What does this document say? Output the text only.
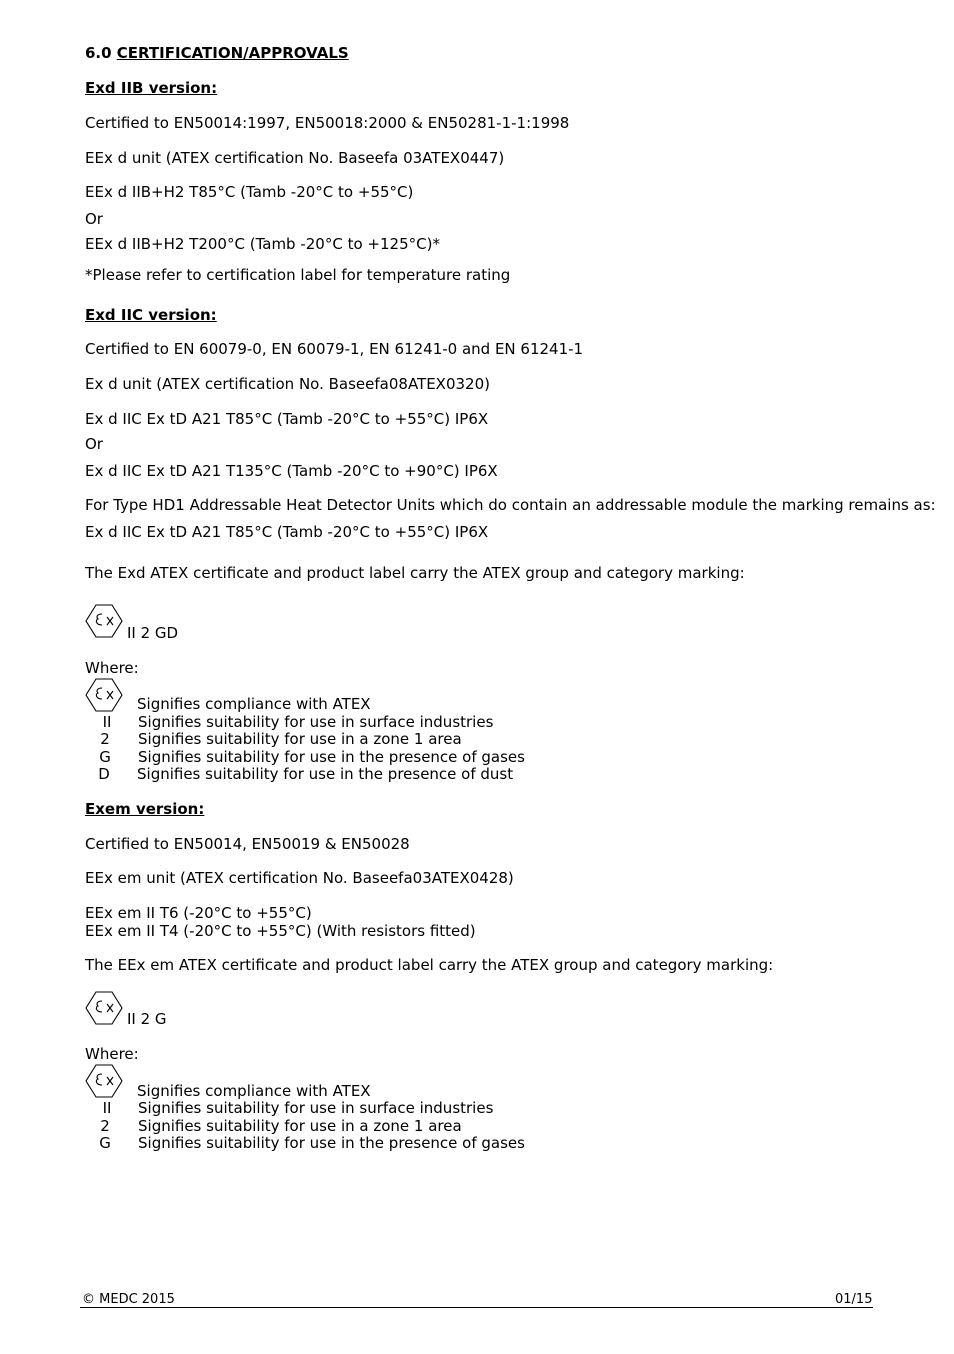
6.0 CERTIFICATION/APPROVALS
Exd IIB version:
Certified to EN50014:1997, EN50018:2000 & EN50281-1-1:1998
EEx d unit (ATEX certification No. Baseefa 03ATEX0447)
EEx d IIB+H2 T85°C (Tamb -20°C to +55°C)
Or
EEx d IIB+H2 T200°C (Tamb -20°C to +125°C)*
*Please refer to certification label for temperature rating
Exd IIC version:
Certified to EN 60079-0, EN 60079-1, EN 61241-0 and EN 61241-1
Ex d unit (ATEX certification No. Baseefa08ATEX0320)
Ex d IIC Ex tD A21 T85°C (Tamb -20°C to +55°C) IP6X
Or
Ex d IIC Ex tD A21 T135°C (Tamb -20°C to +90°C) IP6X
For Type HD1 Addressable Heat Detector Units which do contain an addressable module the marking remains as:
Ex d IIC Ex tD A21 T85°C (Tamb -20°C to +55°C) IP6X
The Exd ATEX certificate and product label carry the ATEX group and category marking:
II 2 GD
Where:
Signifies compliance with ATEX
II	Signifies suitability for use in surface industries
2	Signifies suitability for use in a zone 1 area
G	Signifies suitability for use in the presence of gases
D	Signifies suitability for use in the presence of dust
Exem version:
Certified to EN50014, EN50019 & EN50028
EEx em unit (ATEX certification No. Baseefa03ATEX0428)
EEx em II T6 (-20°C to +55°C)
EEx em II T4 (-20°C to +55°C) (With resistors fitted)
The EEx em ATEX certificate and product label carry the ATEX group and category marking:
II 2 G
Where:
Signifies compliance with ATEX
II	Signifies suitability for use in surface industries
2	Signifies suitability for use in a zone 1 area
G	Signifies suitability for use in the presence of gases
© MEDC 2015	01/15
